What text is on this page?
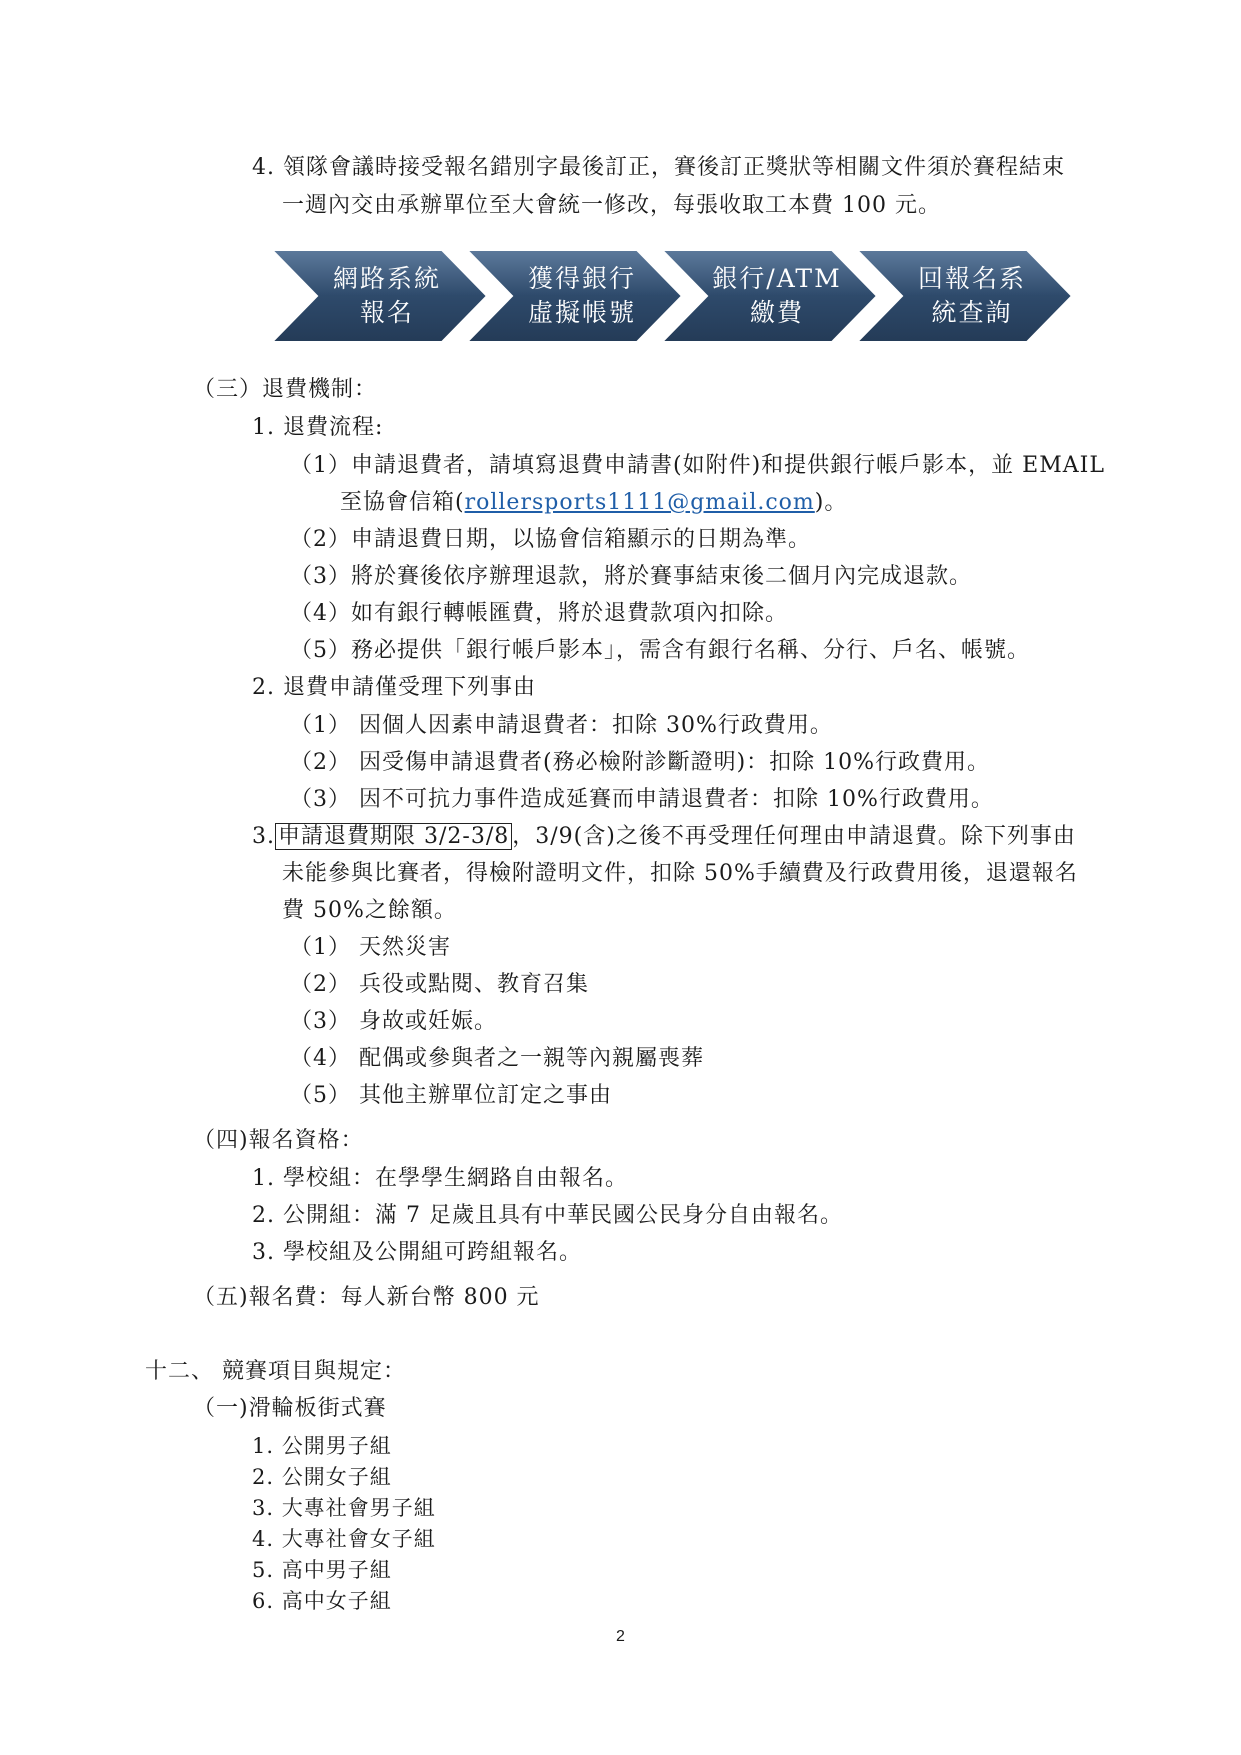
4. 領隊會議時接受報名錯別字最後訂正，賽後訂正獎狀等相關文件須於賽程結束
一週內交由承辦單位至大會統一修改，每張收取工本費 100 元。
網路系統
報名
獲得銀行
虛擬帳號
銀行/ATM
繳費
回報名系
統查詢
（三）退費機制：
1. 退費流程:
（1）申請退費者，請填寫退費申請書(如附件)和提供銀行帳戶影本，並 EMAIL
至協會信箱(rollersports1111@gmail.com)。
（2）申請退費日期，以協會信箱顯示的日期為準。
（3）將於賽後依序辦理退款，將於賽事結束後二個月內完成退款。
（4）如有銀行轉帳匯費，將於退費款項內扣除。
（5）務必提供「銀行帳戶影本」，需含有銀行名稱、分行、戶名、帳號。
2. 退費申請僅受理下列事由
（1） 因個人因素申請退費者：扣除 30%行政費用。
（2） 因受傷申請退費者(務必檢附診斷證明)：扣除 10%行政費用。
（3） 因不可抗力事件造成延賽而申請退費者：扣除 10%行政費用。
3. 申請退費期限 3/2-3/8 ，3/9(含)之後不再受理任何理由申請退費。除下列事由
未能參與比賽者，得檢附證明文件，扣除 50%手續費及行政費用後，退還報名
費 50%之餘額。
（1） 天然災害
（2） 兵役或點閱、教育召集
（3） 身故或妊娠。
（4） 配偶或參與者之一親等內親屬喪葬
（5） 其他主辦單位訂定之事由
（四)報名資格：
1. 學校組：在學學生網路自由報名。
2. 公開組：滿 7 足歲且具有中華民國公民身分自由報名。
3. 學校組及公開組可跨組報名。
（五)報名費：每人新台幣 800 元
十二、 競賽項目與規定：
（一)滑輪板街式賽
1. 公開男子組
2. 公開女子組
3. 大專社會男子組
4. 大專社會女子組
5. 高中男子組
6. 高中女子組
2
